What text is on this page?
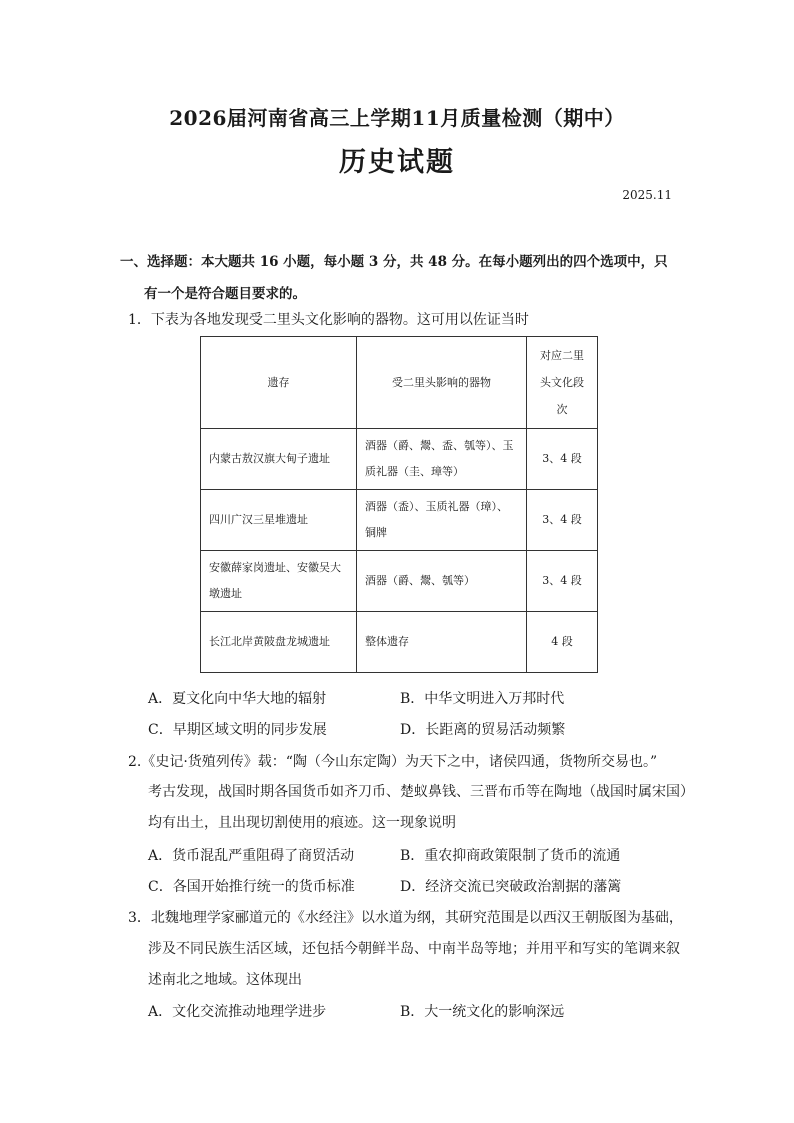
2026届河南省高三上学期11月质量检测（期中）
历史试题
2025.11
一、选择题：本大题共 16 小题，每小题 3 分，共 48 分。在每小题列出的四个选项中，只
有一个是符合题目要求的。
1．下表为各地发现受二里头文化影响的器物。这可用以佐证当时
遗存	受二里头影响的器物	对应二里头文化段次
内蒙古敖汉旗大甸子遗址	酒器（爵、鬶、盉、瓠等）、玉质礼器（圭、璋等）	3、4 段
四川广汉三星堆遗址	酒器（盉）、玉质礼器（璋）、铜牌	3、4 段
安徽薛家岗遗址、安徽吴大墩遗址	酒器（爵、鬶、瓠等）	3、4 段
长江北岸黄陂盘龙城遗址	整体遗存	4 段
A．夏文化向中华大地的辐射	B．中华文明进入万邦时代
C．早期区域文明的同步发展	D．长距离的贸易活动频繁
2.《史记·货殖列传》载：“陶（今山东定陶）为天下之中，诸侯四通，货物所交易也。”
考古发现，战国时期各国货币如齐刀币、楚蚁鼻钱、三晋布币等在陶地（战国时属宋国）
均有出土，且出现切割使用的痕迹。这一现象说明
A．货币混乱严重阻碍了商贸活动	B．重农抑商政策限制了货币的流通
C．各国开始推行统一的货币标准	D．经济交流已突破政治割据的藩篱
3．北魏地理学家郦道元的《水经注》以水道为纲，其研究范围是以西汉王朝版图为基础，
涉及不同民族生活区域，还包括今朝鲜半岛、中南半岛等地；并用平和写实的笔调来叙
述南北之地域。这体现出
A．文化交流推动地理学进步	B．大一统文化的影响深远
